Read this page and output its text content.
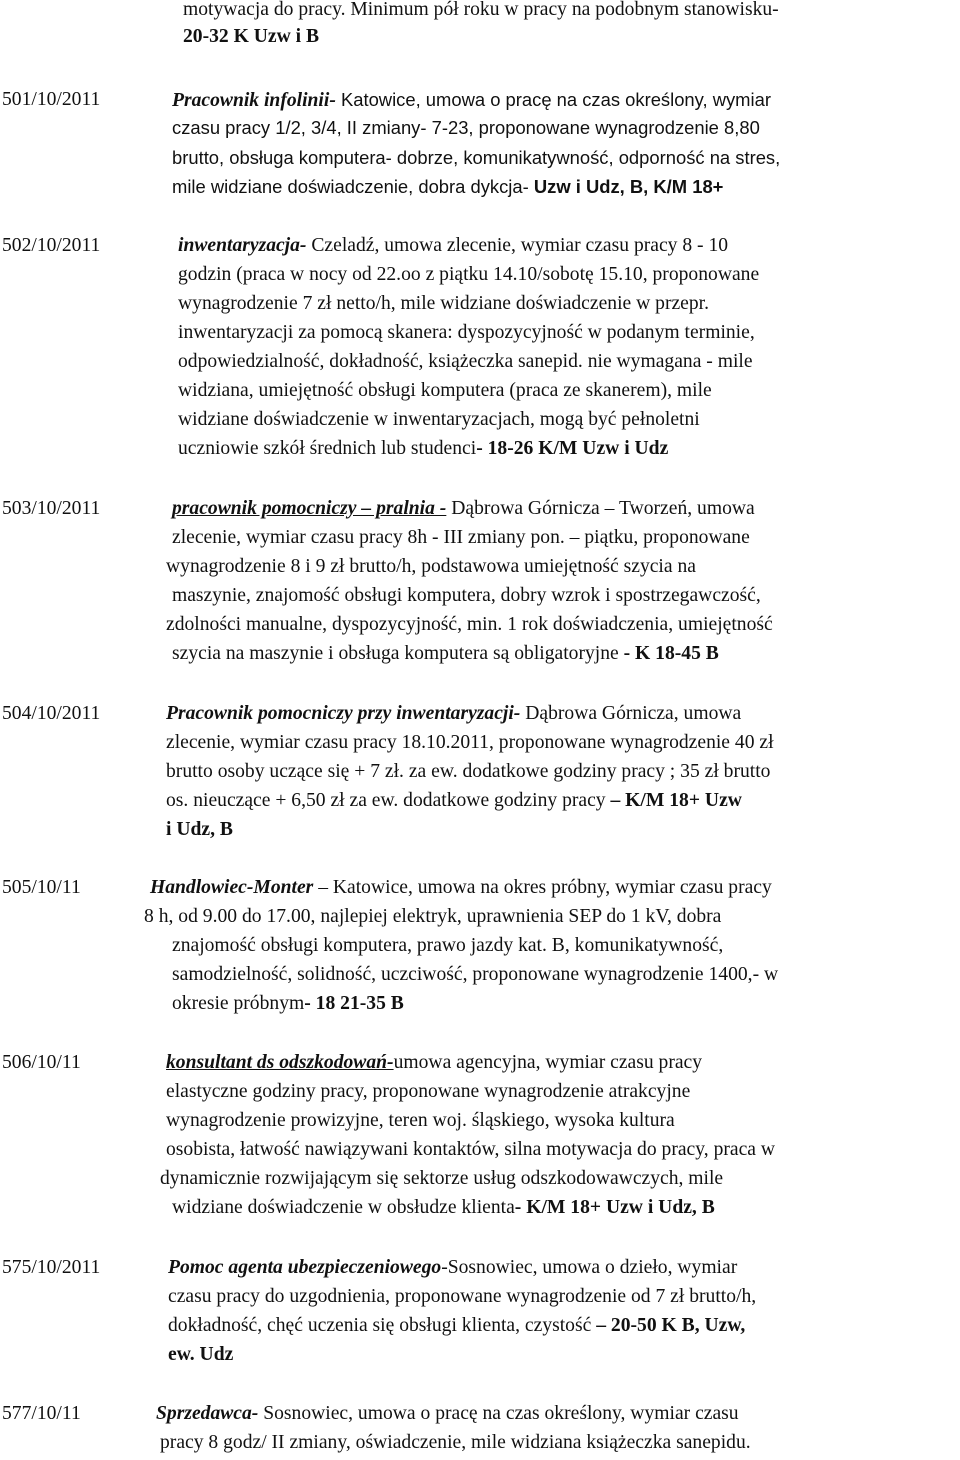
motywacja do pracy. Minimum pół roku w pracy na podobnym stanowisku-
20-32 K Uzw i B
501/10/2011	Pracownik infolinii- Katowice, umowa o pracę na czas określony, wymiar
czasu pracy 1/2, 3/4, II zmiany- 7-23, proponowane wynagrodzenie 8,80
brutto, obsługa komputera- dobrze, komunikatywność, odporność na stres,
mile widziane doświadczenie, dobra dykcja- Uzw i Udz, B, K/M 18+
502/10/2011	inwentaryzacja- Czeladź, umowa zlecenie, wymiar czasu pracy 8 - 10
godzin (praca w nocy od 22.oo z piątku 14.10/sobotę 15.10, proponowane
wynagrodzenie 7 zł netto/h, mile widziane doświadczenie w przepr.
inwentaryzacji za pomocą skanera: dyspozycyjność w podanym terminie,
odpowiedzialność, dokładność, książeczka sanepid. nie wymagana - mile
widziana, umiejętność obsługi komputera (praca ze skanerem), mile
widziane doświadczenie w inwentaryzacjach, mogą być pełnoletni
uczniowie szkół średnich lub studenci- 18-26 K/M Uzw i Udz
503/10/2011	pracownik pomocniczy – pralnia - Dąbrowa Górnicza – Tworzeń, umowa
zlecenie, wymiar czasu pracy 8h - III zmiany pon. – piątku, proponowane
wynagrodzenie 8 i 9 zł brutto/h, podstawowa umiejętność szycia na
maszynie, znajomość obsługi komputera, dobry wzrok i spostrzegawczość,
zdolności manualne, dyspozycyjność, min. 1 rok doświadczenia, umiejętność
szycia na maszynie i obsługa komputera są obligatoryjne - K 18-45 B
504/10/2011	Pracownik pomocniczy przy inwentaryzacji- Dąbrowa Górnicza, umowa
zlecenie, wymiar czasu pracy 18.10.2011, proponowane wynagrodzenie 40 zł
brutto osoby uczące się + 7 zł. za ew. dodatkowe godziny pracy ; 35 zł brutto
os. nieuczące + 6,50 zł za ew. dodatkowe godziny pracy – K/M 18+ Uzw
i Udz, B
505/10/11	Handlowiec-Monter – Katowice, umowa na okres próbny, wymiar czasu pracy
8 h, od 9.00 do 17.00, najlepiej elektryk, uprawnienia SEP do 1 kV, dobra
znajomość obsługi komputera, prawo jazdy kat. B, komunikatywność,
samodzielność, solidność, uczciwość, proponowane wynagrodzenie 1400,- w
okresie próbnym- 18 21-35 B
506/10/11	konsultant ds odszkodowań-umowa agencyjna, wymiar czasu pracy
elastyczne godziny pracy, proponowane wynagrodzenie atrakcyjne
wynagrodzenie prowizyjne, teren woj. śląskiego, wysoka kultura
osobista, łatwość nawiązywani kontaktów, silna motywacja do pracy, praca w
dynamicznie rozwijającym się sektorze usług odszkodowawczych, mile
widziane doświadczenie w obsłudze klienta- K/M 18+ Uzw i Udz, B
575/10/2011	Pomoc agenta ubezpieczeniowego-Sosnowiec, umowa o dzieło, wymiar
czasu pracy do uzgodnienia, proponowane wynagrodzenie od 7 zł brutto/h,
dokładność, chęć uczenia się obsługi klienta, czystość – 20-50 K B, Uzw,
ew. Udz
577/10/11	Sprzedawca- Sosnowiec, umowa o pracę na czas określony, wymiar czasu
pracy 8 godz/ II zmiany, oświadczenie, mile widziana książeczka sanepidu.
